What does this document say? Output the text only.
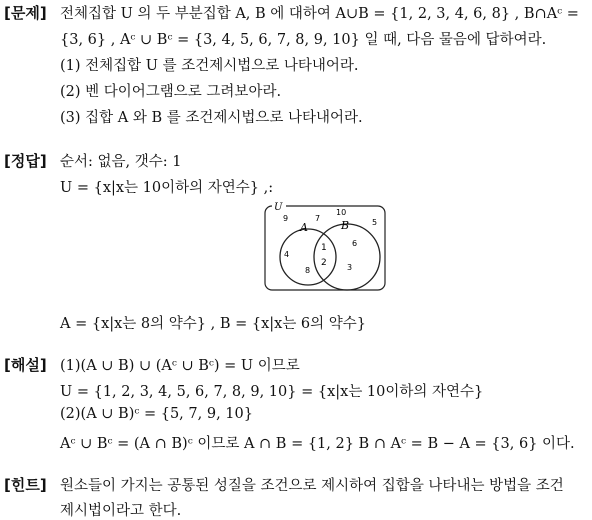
[문제] 전체집합 U 의 두 부분집합 A, B 에 대하여 A∪B = {1, 2, 3, 4, 6, 8} , B∩Aᶜ =
{3, 6} , Aᶜ ∪ Bᶜ = {3, 4, 5, 6, 7, 8, 9, 10} 일 때, 다음 물음에 답하여라.
(1) 전체집합 U 를 조건제시법으로 나타내어라.
(2) 벤 다이어그램으로 그려보아라.
(3) 집합 A 와 B 를 조건제시법으로 나타내어라.
[정답] 순서: 없음, 갯수: 1
U = {x|x는 10이하의 자연수} ,:
U
A	B
9	7
10
5
4
8
1
2
6
3
A = {x|x는 8의 약수} , B = {x|x는 6의 약수}
[해설] (1)(A ∪ B) ∪ (Aᶜ ∪ Bᶜ) = U 이므로
U = {1, 2, 3, 4, 5, 6, 7, 8, 9, 10} = {x|x는 10이하의 자연수}
(2)(A ∪ B)ᶜ = {5, 7, 9, 10}
Aᶜ ∪ Bᶜ = (A ∩ B)ᶜ 이므로 A ∩ B = {1, 2} B ∩ Aᶜ = B − A = {3, 6} 이다.
[힌트] 원소들이 가지는 공통된 성질을 조건으로 제시하여 집합을 나타내는 방법을 조건
제시법이라고 한다.
